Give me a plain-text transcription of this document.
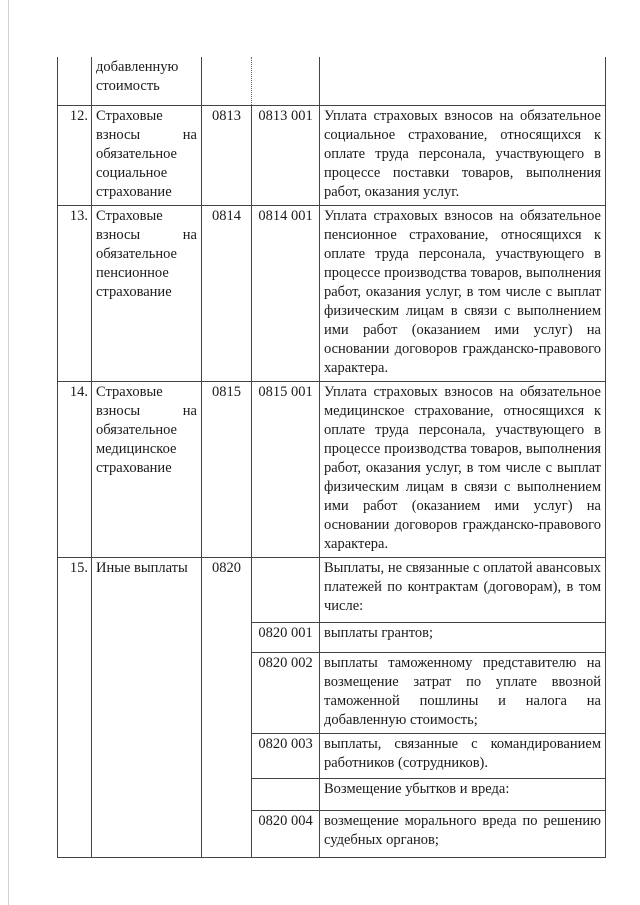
	добавленную стоимость			
12.	Страховые взносы на обязательное социальное страхование	0813	0813 001	Уплата страховых взносов на обязательное социальное страхование, относящихся к оплате труда персонала, участвующего в процессе поставки товаров, выполнения работ, оказания услуг.
13.	Страховые взносы на обязательное пенсионное страхование	0814	0814 001	Уплата страховых взносов на обязательное пенсионное страхование, относящихся к оплате труда персонала, участвующего в процессе производства товаров, выполнения работ, оказания услуг, в том числе с выплат физическим лицам в связи с выполнением ими работ (оказанием ими услуг) на основании договоров гражданско-правового характера.
14.	Страховые взносы на обязательное медицинское страхование	0815	0815 001	Уплата страховых взносов на обязательное медицинское страхование, относящихся к оплате труда персонала, участвующего в процессе производства товаров, выполнения работ, оказания услуг, в том числе с выплат физическим лицам в связи с выполнением ими работ (оказанием ими услуг) на основании договоров гражданско-правового характера.
15.	Иные выплаты	0820		Выплаты, не связанные с оплатой авансовых платежей по контрактам (договорам), в том числе:
			0820 001	выплаты грантов;
			0820 002	выплаты таможенному представителю на возмещение затрат по уплате ввозной таможенной пошлины и налога на добавленную стоимость;
			0820 003	выплаты, связанные с командированием работников (сотрудников).
				Возмещение убытков и вреда:
			0820 004	возмещение морального вреда по решению судебных органов;
